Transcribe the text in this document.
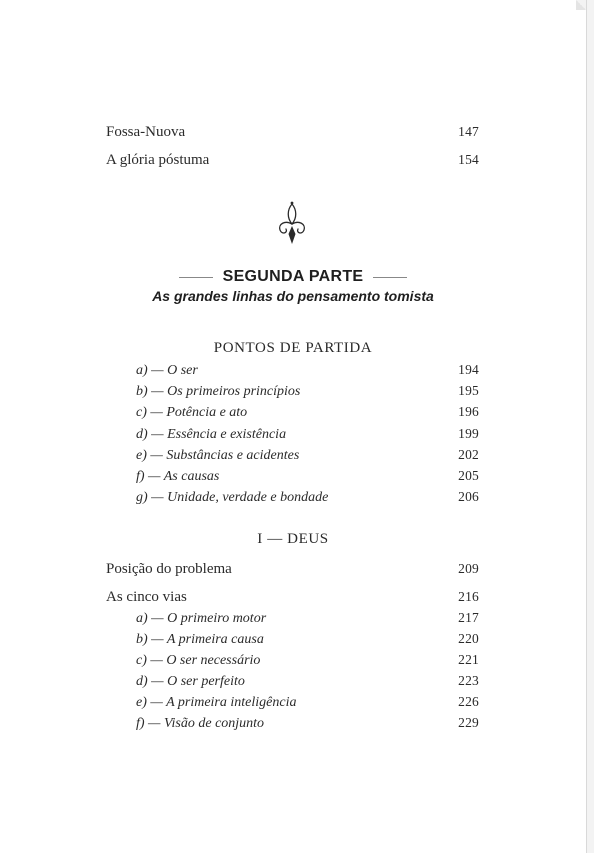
Fossa-Nuova	147
A glória póstuma	154
SEGUNDA PARTE
As grandes linhas do pensamento tomista
PONTOS DE PARTIDA
a) — O ser	194
b) — Os primeiros princípios	195
c) — Potência e ato	196
d) — Essência e existência	199
e) — Substâncias e acidentes	202
f) — As causas	205
g) — Unidade, verdade e bondade	206
I — DEUS
Posição do problema	209
As cinco vias	216
a) — O primeiro motor	217
b) — A primeira causa	220
c) — O ser necessário	221
d) — O ser perfeito	223
e) — A primeira inteligência	226
f) — Visão de conjunto	229
